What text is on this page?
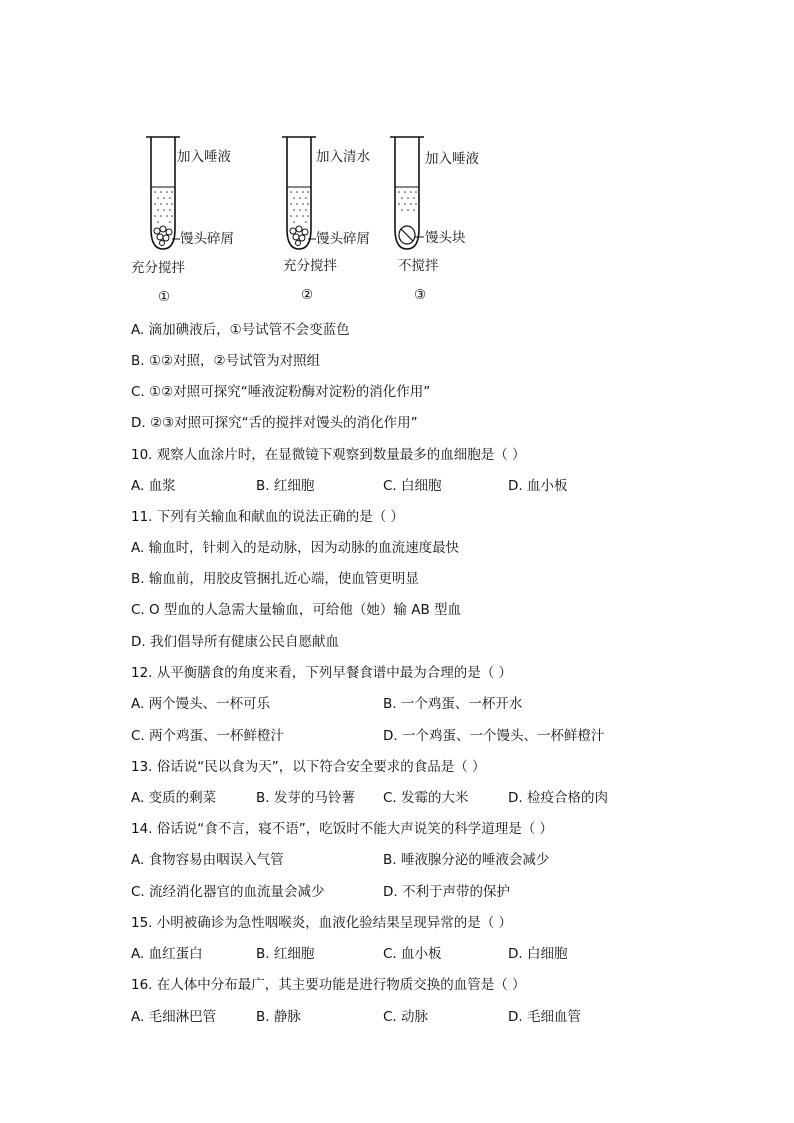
加入唾液
馒头碎屑
充分搅拌
①
加入清水
馒头碎屑
充分搅拌
②
加入唾液
馒头块
不搅拌
③
A. 滴加碘液后，①号试管不会变蓝色
B. ①②对照，②号试管为对照组
C. ①②对照可探究“唾液淀粉酶对淀粉的消化作用”
D. ②③对照可探究“舌的搅拌对馒头的消化作用”
10. 观察人血涂片时，在显微镜下观察到数量最多的血细胞是（ ）
A. 血浆	B. 红细胞	C. 白细胞	D. 血小板
11. 下列有关输血和献血的说法正确的是（ ）
A. 输血时，针刺入的是动脉，因为动脉的血流速度最快
B. 输血前，用胶皮管捆扎近心端，使血管更明显
C. O 型血的人急需大量输血，可给他（她）输 AB 型血
D. 我们倡导所有健康公民自愿献血
12. 从平衡膳食的角度来看，下列早餐食谱中最为合理的是（ ）
A. 两个馒头、一杯可乐	B. 一个鸡蛋、一杯开水
C. 两个鸡蛋、一杯鲜橙汁	D. 一个鸡蛋、一个馒头、一杯鲜橙汁
13. 俗话说“民以食为天”，以下符合安全要求的食品是（ ）
A. 变质的剩菜	B. 发芽的马铃薯 C. 发霉的大米	D. 检疫合格的肉
14. 俗话说“食不言，寝不语”，吃饭时不能大声说笑的科学道理是（ ）
A. 食物容易由咽误入气管	B. 唾液腺分泌的唾液会减少
C. 流经消化器官的血流量会减少	D. 不利于声带的保护
15. 小明被确诊为急性咽喉炎，血液化验结果呈现异常的是（ ）
A. 血红蛋白	B. 红细胞	C. 血小板	D. 白细胞
16. 在人体中分布最广，其主要功能是进行物质交换的血管是（ ）
A. 毛细淋巴管	B. 静脉	C. 动脉	D. 毛细血管
